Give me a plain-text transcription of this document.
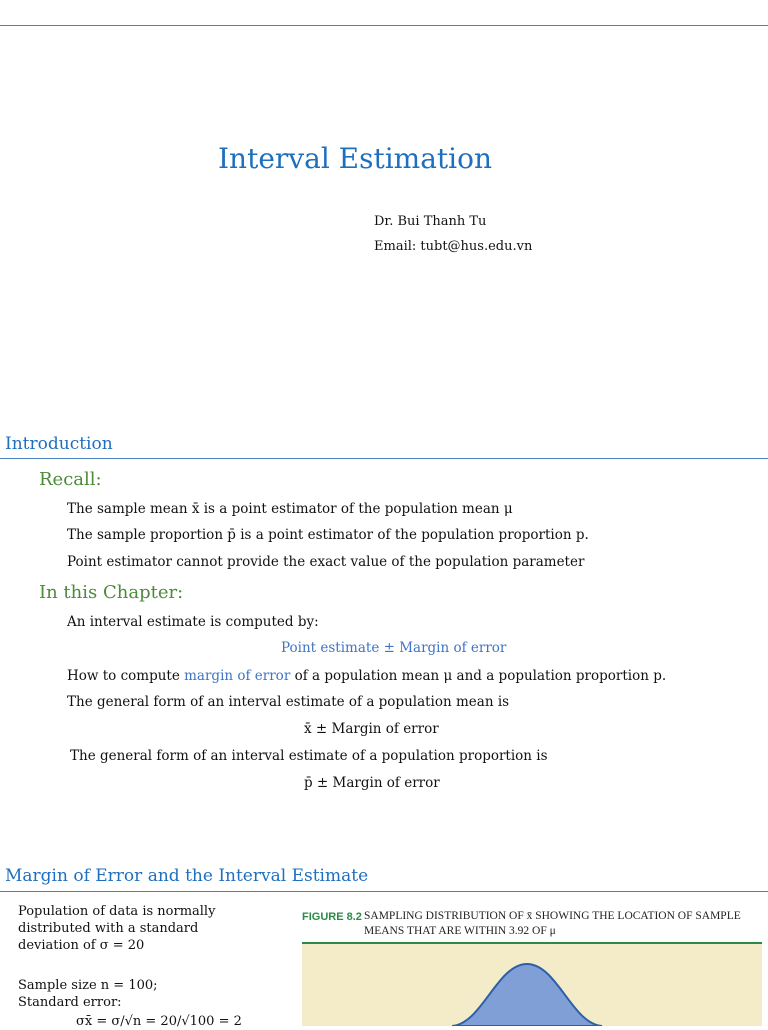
Interval Estimation
Dr. Bui Thanh Tu
Email: tubt@hus.edu.vn
Introduction
Recall:
The sample mean x̄ is a point estimator of the population mean μ
The sample proportion p̄ is a point estimator of the population proportion p.
Point estimator cannot provide the exact value of the population parameter
In this Chapter:
An interval estimate is computed by:
Point estimate ± Margin of error
How to compute margin of error of a population mean μ and a population proportion p.
The general form of an interval estimate of a population mean is
x̄ ± Margin of error
The general form of an interval estimate of a population proportion is
p̄ ± Margin of error
Margin of Error and the Interval Estimate
Population of data is normally
distributed with a standard
deviation of σ = 20
Sample size n = 100;
Standard error:
σx̄ = σ/√n = 20/√100 = 2
FIGURE 8.2 SAMPLING DISTRIBUTION OF x̄ SHOWING THE LOCATION OF SAMPLE
MEANS THAT ARE WITHIN 3.92 OF μ
